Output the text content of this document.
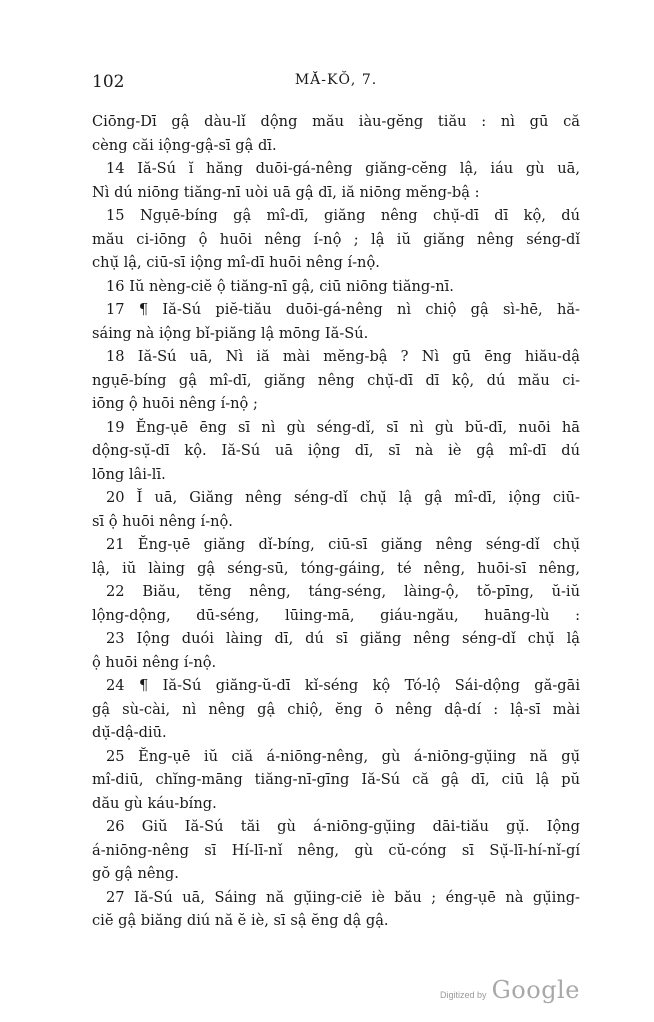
102	MĂ-KŎ, 7.
Ciōng-Dī gậ dàu-lǐ dộng mău iàu-gĕng tiău : nì gū că
cèng căi iộng-gậ-sī gậ dī.
14 Iă-Sú ĭ hăng duōi-gá-nêng giăng-cĕng lậ, iáu gù uā,
Nì dú niōng tiăng-nī uòi uā gậ dī, iă niōng mĕng-bậ :
15 Ngụē-bíng gậ mî-dī, giăng nêng chụ̆-dī dī kộ, dú
mău ci-iōng ộ huōi nêng í-nộ ; lậ iŭ giăng nêng séng-dǐ
chụ̆ lậ, ciū-sī iộng mî-dī huōi nêng í-nộ.
16 Iŭ nèng-ciĕ ộ tiăng-nī gậ, ciū niōng tiăng-nī.
17 ¶ Iă-Sú piĕ-tiău duōi-gá-nêng nì chiộ gậ sì-hē, hă-
sáing nà iộng bǐ-piăng lậ mōng Iă-Sú.
18 Iă-Sú uā, Nì iă mài mĕng-bậ ? Nì gū ēng hiău-dậ
ngụē-bíng gậ mî-dī, giăng nêng chụ̆-dī dī kộ, dú mău ci-
iōng ộ huōi nêng í-nộ ;
19 Ĕng-ụē ēng sī nì gù séng-dǐ, sī nì gù bŭ-dī, nuōi hā
dộng-sụ̆-dī kộ. Iă-Sú uā iộng dī, sī nà iè gậ mî-dī dú
lōng lâi-lī.
20 Ĭ uā, Giăng nêng séng-dǐ chụ̆ lậ gậ mî-dī, iộng ciū-
sī ộ huōi nêng í-nộ.
21 Ĕng-ụē giăng dǐ-bíng, ciū-sī giăng nêng séng-dǐ chụ̆
lậ, iŭ làing gậ séng-sū, tóng-gáing, té nêng, huōi-sī nêng,
22 Biău, tĕng nêng, táng-séng, làing-ộ, tŏ-pīng, ŭ-iŭ
lộng-dộng, dū-séng, lūing-mā, giáu-ngău, huāng-lù :
23 Iộng duói làing dī, dú sī giăng nêng séng-dǐ chụ̆ lậ
ộ huōi nêng í-nộ.
24 ¶ Iă-Sú giăng-ŭ-dī kǐ-séng kộ Tó-lộ Sái-dộng gă-gāi
gậ sù-cài, nì nêng gậ chiộ, ĕng ō nêng dậ-dí : lậ-sī mài
dụ̆-dậ-diū.
25 Ĕng-ụē iŭ ciă á-niōng-nêng, gù á-niōng-gụ̆ing nă gụ̆
mî-diū, chĭng-māng tiăng-nī-gīng Iă-Sú că gậ dī, ciū lậ pŭ
dău gù káu-bíng.
26 Giŭ Iă-Sú tăi gù á-niōng-gụ̆ing dāi-tiău gụ̆. Iộng
á-niōng-nêng sī Hí-lī-nǐ nêng, gù cŭ-cóng sī Sụ̆-lī-hí-nǐ-gí
gŏ gậ nêng.
27 Iă-Sú uā, Sáing nă gụ̆ing-ciĕ iè bău ; éng-ụē nà gụ̆ing-
ciĕ gậ biăng diú nă ĕ iè, sī sậ ĕng dậ gậ.
Digitized by Google
